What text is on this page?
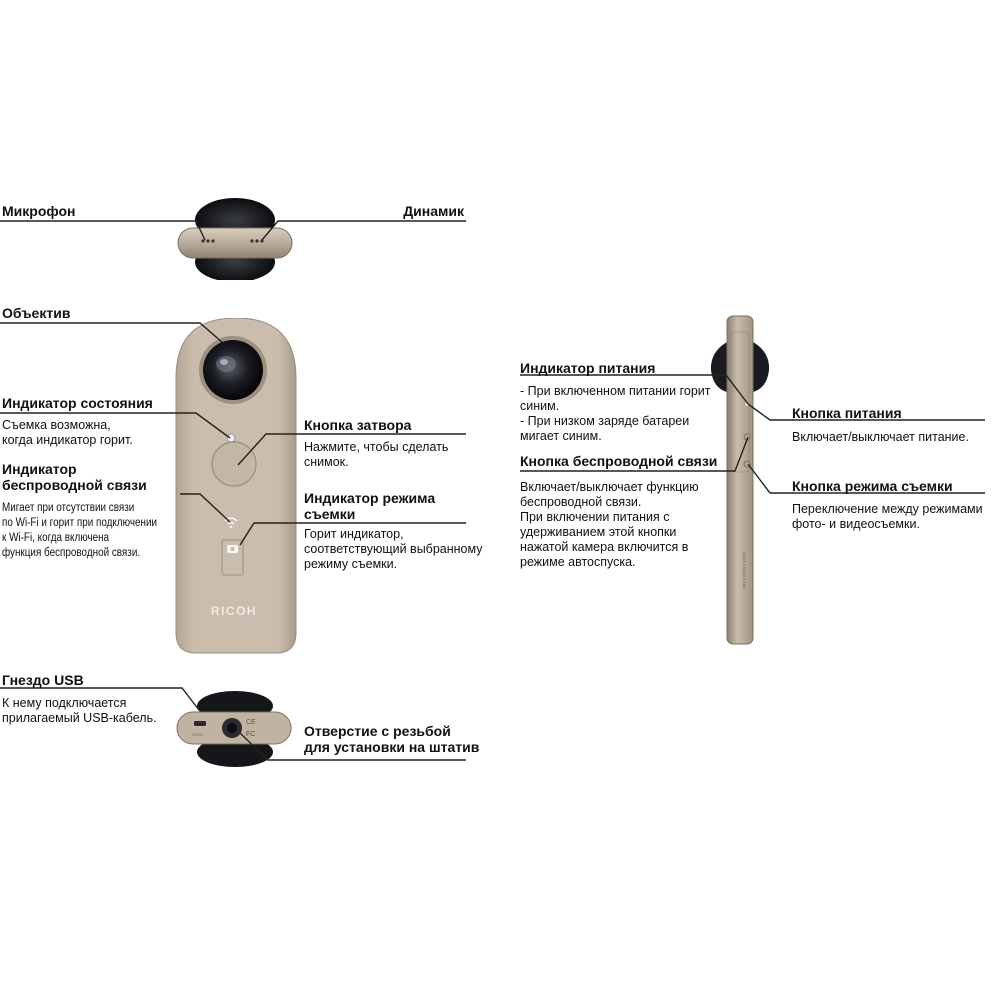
RICOH
CE
FC
XXXX
XXXX XXXXX XXXX
Микрофон	Динамик
Объектив
Индикатор состояния
Съемка возможна,
когда индикатор горит.
Индикатор
беспроводной связи
Мигает при отсутствии связи
по Wi-Fi и горит при подключении
к Wi-Fi, когда включена
функция беспроводной связи.
Кнопка затвора
Нажмите, чтобы сделать
снимок.
Индикатор режима
съемки
Горит индикатор,
соответствующий выбранному
режиму съемки.
Гнездо USB
К нему подключается
прилагаемый USB-кабель.
Отверстие с резьбой
для установки на штатив
Индикатор питания
- При включенном питании горит
синим.
- При низком заряде батареи
мигает синим.
Кнопка беспроводной связи
Включает/выключает функцию
беспроводной связи.
При включении питания с
удерживанием этой кнопки
нажатой камера включится в
режиме автоспуска.
Кнопка питания
Включает/выключает питание.
Кнопка режима съемки
Переключение между режимами
фото- и видеосъемки.
